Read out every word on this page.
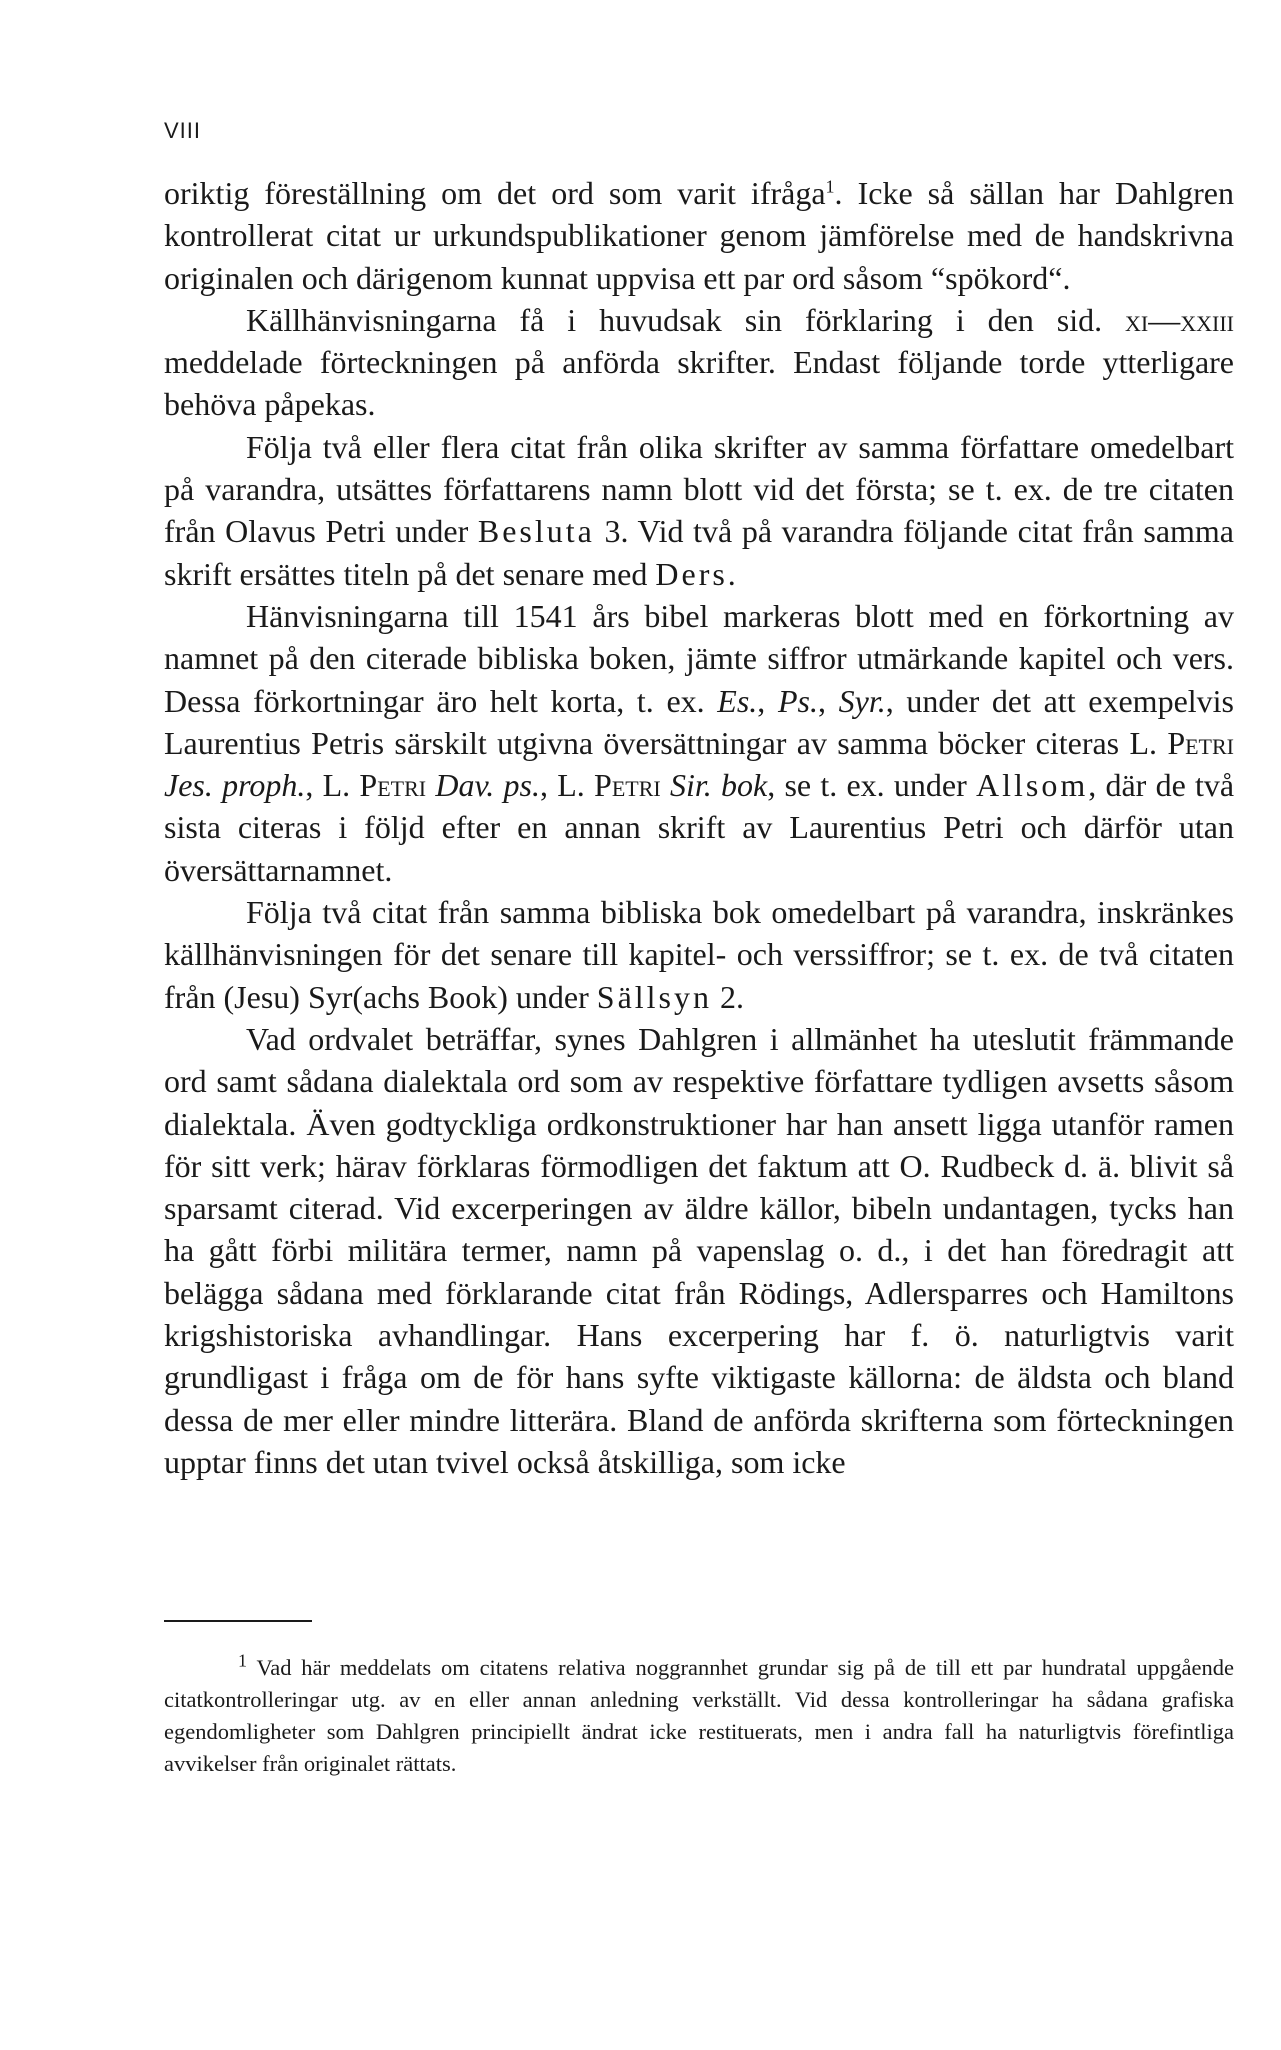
VIII

oriktig föreställning om det ord som varit ifråga$^1$. Icke så sällan har Dahlgren kontrollerat citat ur urkundspublikationer genom jämförelse med de handskrivna originalen och därigenom kunnat uppvisa ett par ord såsom “spökord“.

Källhänvisningarna få i huvudsak sin förklaring i den sid. xi—xxiii meddelade förteckningen på anförda skrifter. Endast följande torde ytterligare behöva påpekas.

Följa två eller flera citat från olika skrifter av samma författare omedelbart på varandra, utsättes författarens namn blott vid det första; se t. ex. de tre citaten från Olavus Petri under Besluta 3. Vid två på varandra följande citat från samma skrift ersättes titeln på det senare med Ders.

Hänvisningarna till 1541 års bibel markeras blott med en förkortning av namnet på den citerade bibliska boken, jämte siffror utmärkande kapitel och vers. Dessa förkortningar äro helt korta, t. ex. Es., Ps., Syr., under det att exempelvis Laurentius Petris särskilt utgivna översättningar av samma böcker citeras L. Petri Jes. proph., L. Petri Dav. ps., L. Petri Sir. bok, se t. ex. under Allsom, där de två sista citeras i följd efter en annan skrift av Laurentius Petri och därför utan översättarnamnet.

Följa två citat från samma bibliska bok omedelbart på varandra, inskränkes källhänvisningen för det senare till kapitel- och verssiffror; se t. ex. de två citaten från (Jesu) Syr(achs Book) under Sällsyn 2.

Vad ordvalet beträffar, synes Dahlgren i allmänhet ha uteslutit främmande ord samt sådana dialektala ord som av respektive författare tydligen avsetts såsom dialektala. Även godtyckliga ordkonstruktioner har han ansett ligga utanför ramen för sitt verk; härav förklaras förmodligen det faktum att O. Rudbeck d. ä. blivit så sparsamt citerad. Vid excerperingen av äldre källor, bibeln undantagen, tycks han ha gått förbi militära termer, namn på vapenslag o. d., i det han föredragit att belägga sådana med förklarande citat från Rödings, Adlersparres och Hamiltons krigshistoriska avhandlingar. Hans excerpering har f. ö. naturligtvis varit grundligast i fråga om de för hans syfte viktigaste källorna: de äldsta och bland dessa de mer eller mindre litterära. Bland de anförda skrifterna som förteckningen upptar finns det utan tvivel också åtskilliga, som icke

$^1$ Vad här meddelats om citatens relativa noggrannhet grundar sig på de till ett par hundratal uppgående citatkontrolleringar utg. av en eller annan anledning verkställt. Vid dessa kontrolleringar ha sådana grafiska egendomligheter som Dahlgren principiellt ändrat icke restituerats, men i andra fall ha naturligtvis förefintliga avvikelser från originalet rättats.
